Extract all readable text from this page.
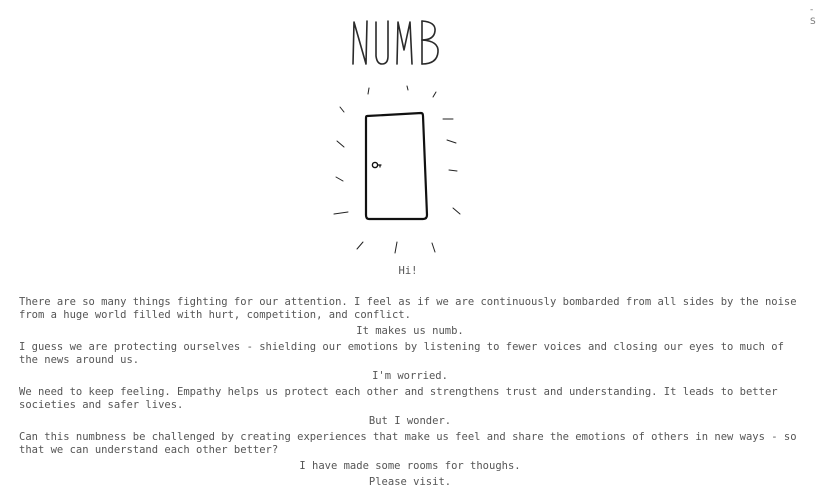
- S
Hi!

There are so many things fighting for our attention. I feel as if we are continuously bombarded from all sides by the noise from a huge world filled with hurt, competition, and conflict.

It makes us numb.

I guess we are protecting ourselves - shielding our emotions by listening to fewer voices and closing our eyes to much of the news around us.

I'm worried.

We need to keep feeling. Empathy helps us protect each other and strengthens trust and understanding. It leads to better societies and safer lives.

But I wonder.

Can this numbness be challenged by creating experiences that make us feel and share the emotions of others in new ways - so that we can understand each other better?

I have made some rooms for thoughs.

Please visit.
